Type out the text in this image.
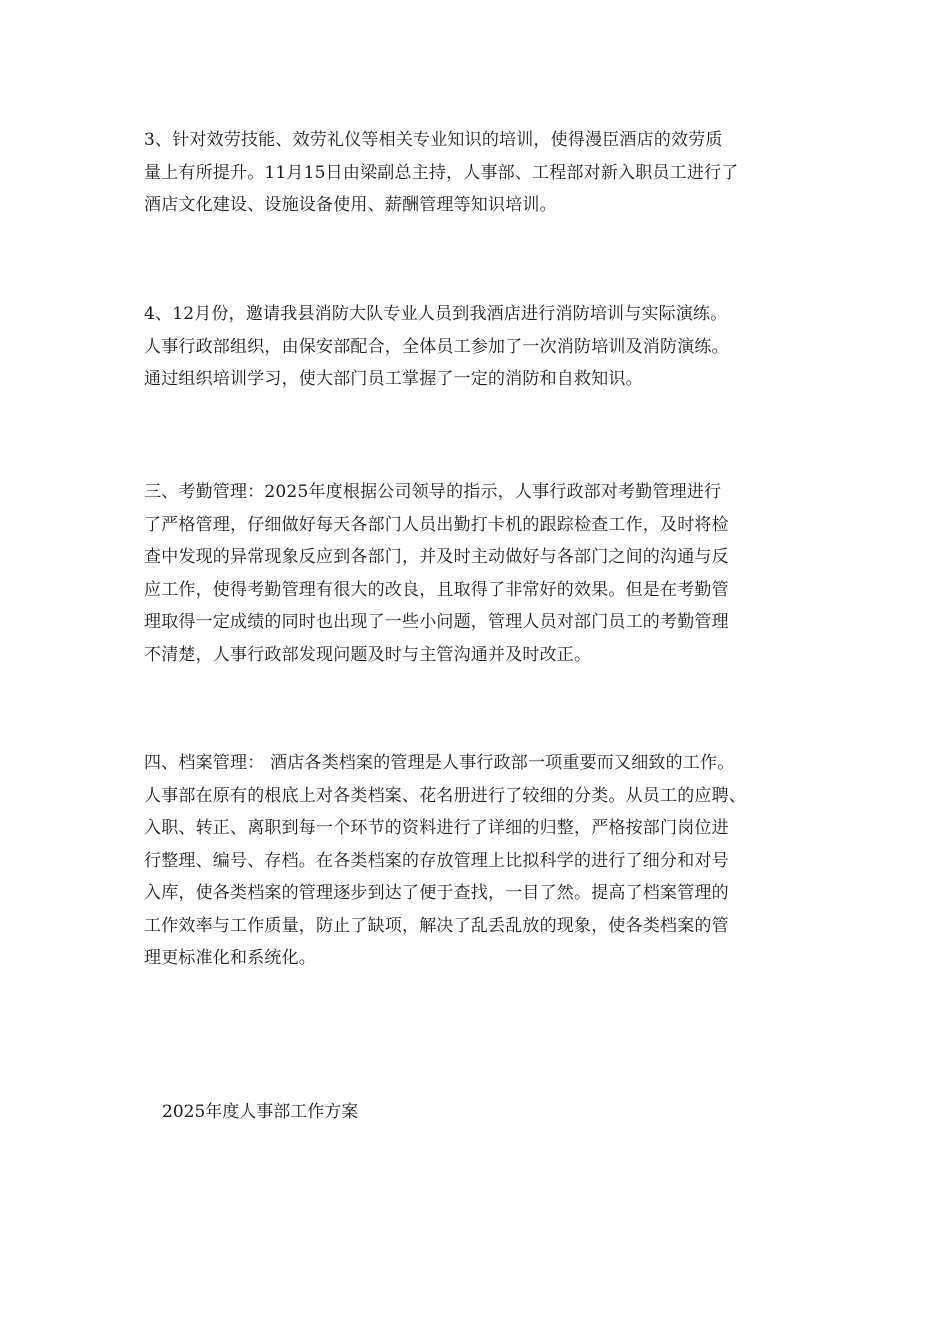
3、针对效劳技能、效劳礼仪等相关专业知识的培训，使得漫臣酒店的效劳质
量上有所提升。11月15日由梁副总主持，人事部、工程部对新入职员工进行了
酒店文化建设、设施设备使用、薪酬管理等知识培训。

4、12月份，邀请我县消防大队专业人员到我酒店进行消防培训与实际演练。
人事行政部组织，由保安部配合，全体员工参加了一次消防培训及消防演练。
通过组织培训学习，使大部门员工掌握了一定的消防和自救知识。

三、考勤管理：2025年度根据公司领导的指示，人事行政部对考勤管理进行
了严格管理，仔细做好每天各部门人员出勤打卡机的跟踪检查工作，及时将检
查中发现的异常现象反应到各部门，并及时主动做好与各部门之间的沟通与反
应工作，使得考勤管理有很大的改良，且取得了非常好的效果。但是在考勤管
理取得一定成绩的同时也出现了一些小问题，管理人员对部门员工的考勤管理
不清楚，人事行政部发现问题及时与主管沟通并及时改正。

四、档案管理： 酒店各类档案的管理是人事行政部一项重要而又细致的工作。
人事部在原有的根底上对各类档案、花名册进行了较细的分类。从员工的应聘、
入职、转正、离职到每一个环节的资料进行了详细的归整，严格按部门岗位进
行整理、编号、存档。在各类档案的存放管理上比拟科学的进行了细分和对号
入库，使各类档案的管理逐步到达了便于查找，一目了然。提高了档案管理的
工作效率与工作质量，防止了缺项，解决了乱丢乱放的现象，使各类档案的管
理更标准化和系统化。

2025年度人事部工作方案
